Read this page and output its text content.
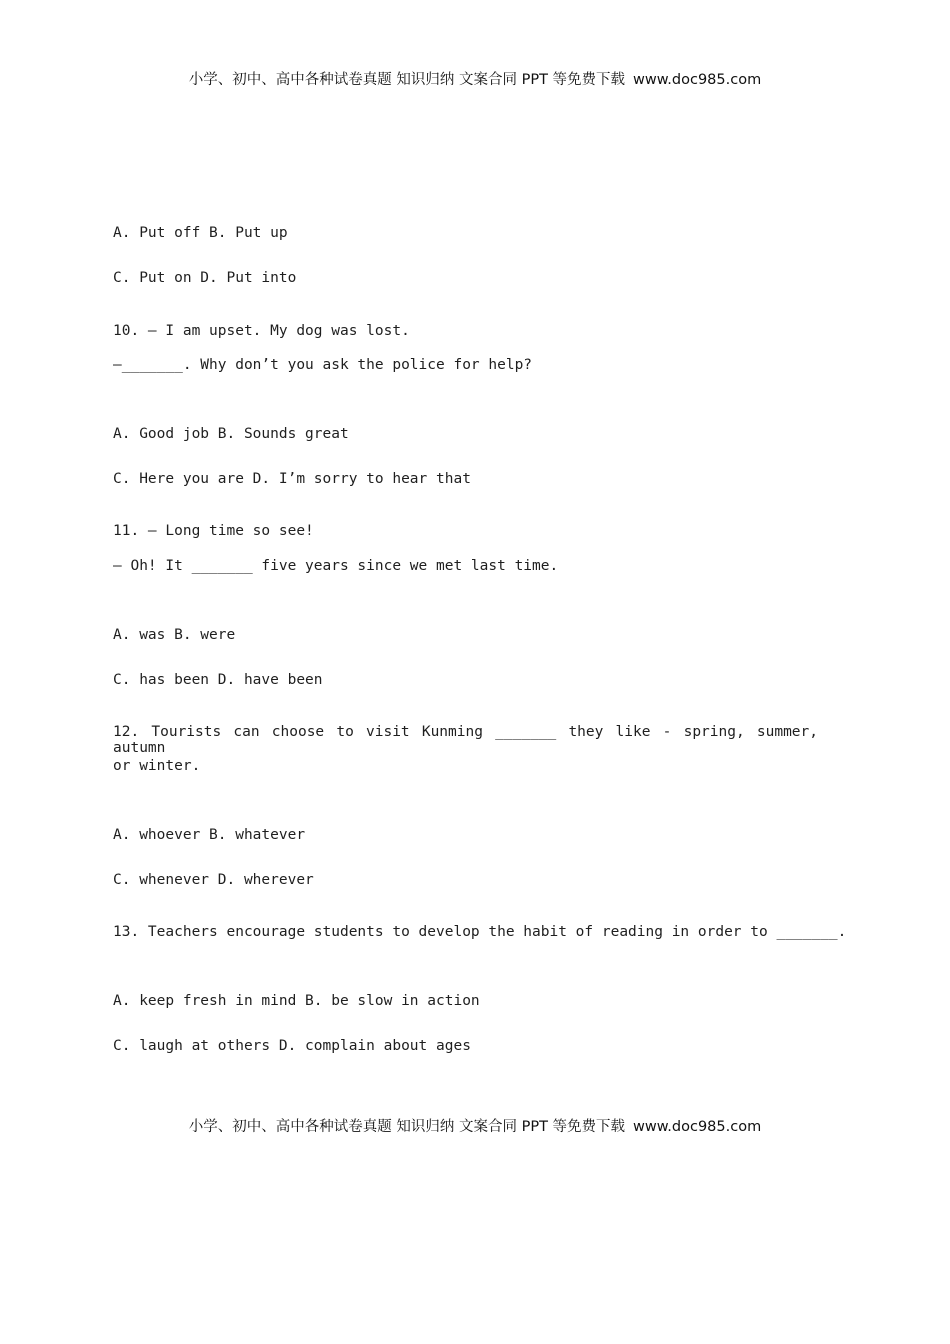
小学、初中、高中各种试卷真题 知识归纳 文案合同 PPT 等免费下载 www.doc985.com
A. Put off B. Put up
C. Put on D. Put into
10. — I am upset. My dog was lost.
—_______. Why don’t you ask the police for help?
A. Good job B. Sounds great
C. Here you are D. I’m sorry to hear that
11. — Long time so see!
— Oh! It _______ five years since we met last time.
A. was B. were
C. has been D. have been
12. Tourists can choose to visit Kunming _______ they like - spring, summer, autumn
or winter.
A. whoever B. whatever
C. whenever D. wherever
13. Teachers encourage students to develop the habit of reading in order to _______.
A. keep fresh in mind B. be slow in action
C. laugh at others D. complain about ages
小学、初中、高中各种试卷真题 知识归纳 文案合同 PPT 等免费下载 www.doc985.com
